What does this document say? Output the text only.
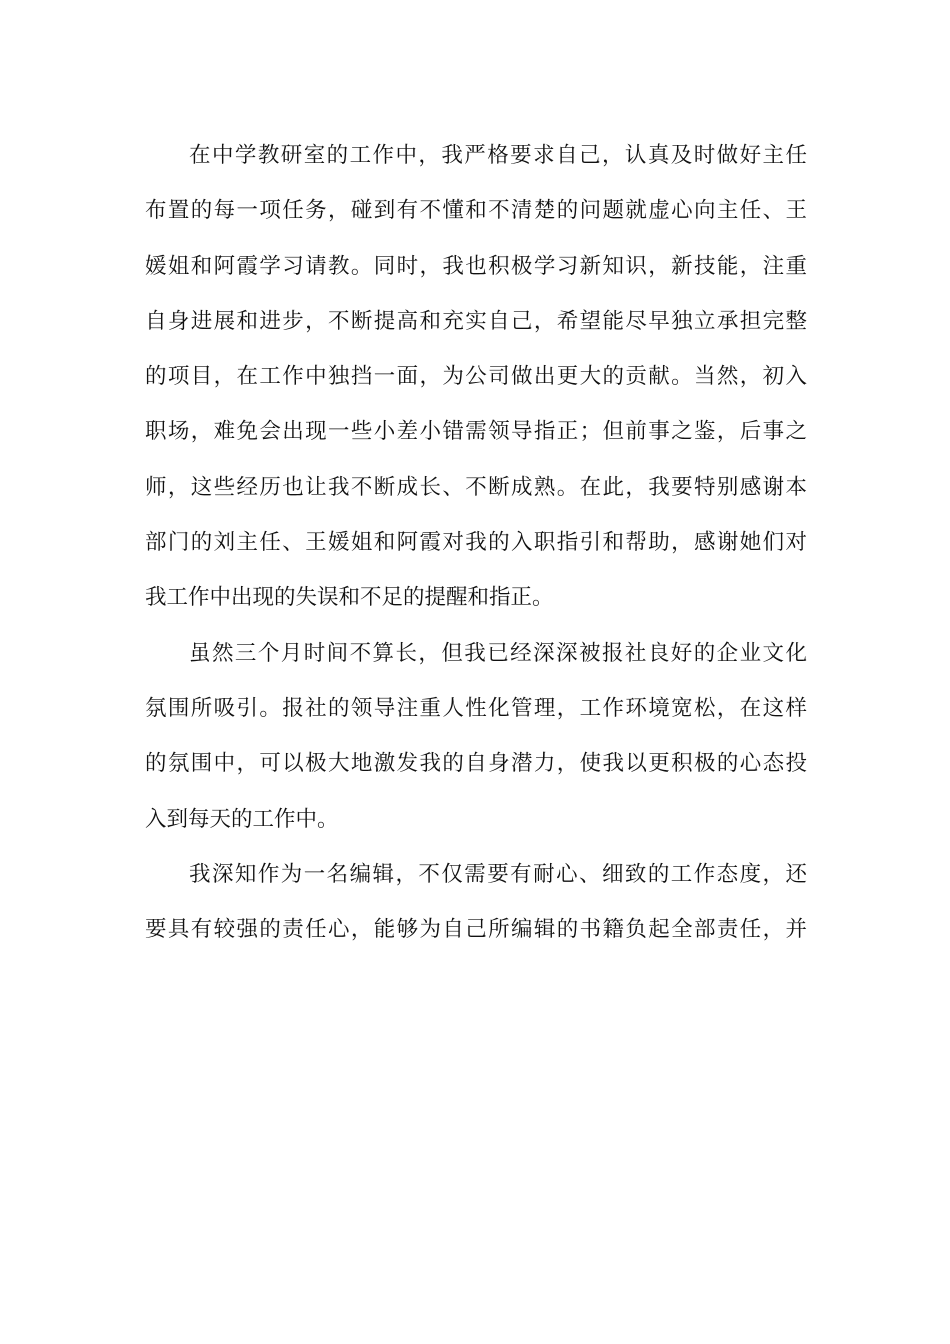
在中学教研室的工作中，我严格要求自己，认真及时做好主任
布置的每一项任务，碰到有不懂和不清楚的问题就虚心向主任、王
媛姐和阿霞学习请教。同时，我也积极学习新知识，新技能，注重
自身进展和进步，不断提高和充实自己，希望能尽早独立承担完整
的项目，在工作中独挡一面，为公司做出更大的贡献。当然，初入
职场，难免会出现一些小差小错需领导指正；但前事之鉴，后事之
师，这些经历也让我不断成长、不断成熟。在此，我要特别感谢本
部门的刘主任、王媛姐和阿霞对我的入职指引和帮助，感谢她们对
我工作中出现的失误和不足的提醒和指正。
虽然三个月时间不算长，但我已经深深被报社良好的企业文化
氛围所吸引。报社的领导注重人性化管理，工作环境宽松，在这样
的氛围中，可以极大地激发我的自身潜力，使我以更积极的心态投
入到每天的工作中。
我深知作为一名编辑，不仅需要有耐心、细致的工作态度，还
要具有较强的责任心，能够为自己所编辑的书籍负起全部责任，并
